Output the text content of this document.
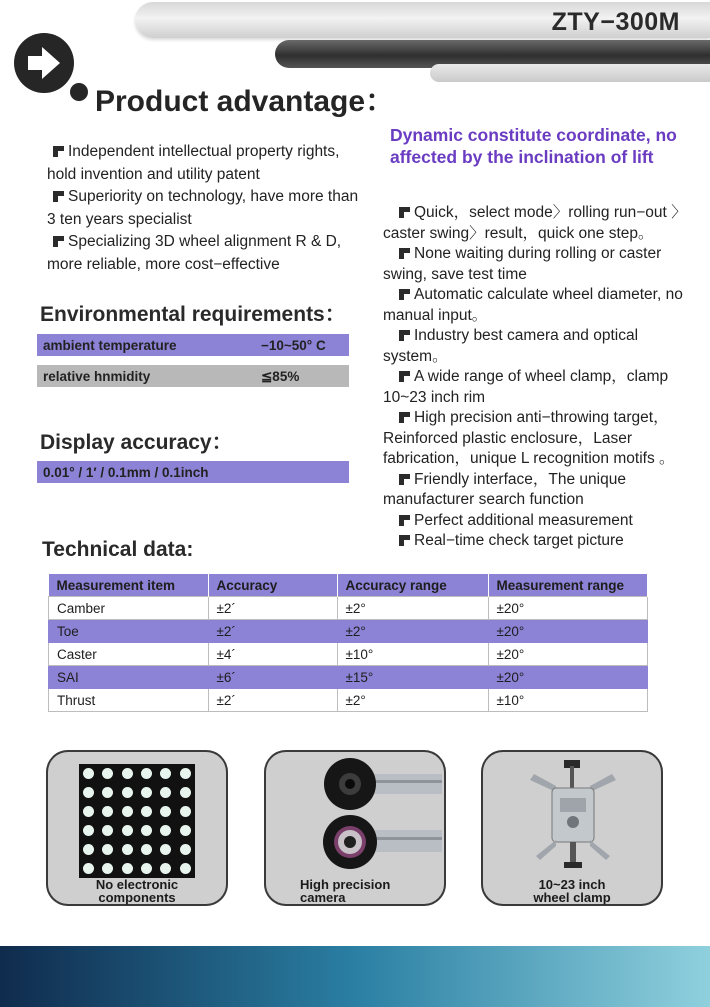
ZTY−300M
Product advantage：
Independent intellectual property rights, hold invention and utility patent
Superiority on technology, have more than 3 ten years specialist
Specializing 3D wheel alignment R & D, more reliable, more cost−effective
Dynamic constitute coordinate, no affected by the inclination of lift

Quick，select mode〉rolling run−out 〉caster swing〉result，quick one step。

None waiting during rolling or caster swing, save test time

Automatic calculate wheel diameter, no manual input。

Industry best camera and optical system。

A wide range of wheel clamp，clamp 10~23 inch rim

High precision anti−throwing target，Reinforced plastic enclosure，Laser fabrication，unique L recognition motifs 。

Friendly interface，The unique manufacturer search function

Perfect additional measurement

Real−time check target picture

Environmental requirements：
ambient temperature	−10~50° C
relative hnmidity	≦85%
Display accuracy：
0.01° / 1′ / 0.1mm / 0.1inch
Technical data:
Measurement item	Accuracy	Accuracy range	Measurement range
Camber	±2´	±2°	±20°
Toe	±2´	±2°	±20°
Caster	±4´	±10°	±20°
SAI	±6´	±15°	±20°
Thrust	±2´	±2°	±10°
No electronic
components
High precision
camera
10~23 inch
wheel clamp
